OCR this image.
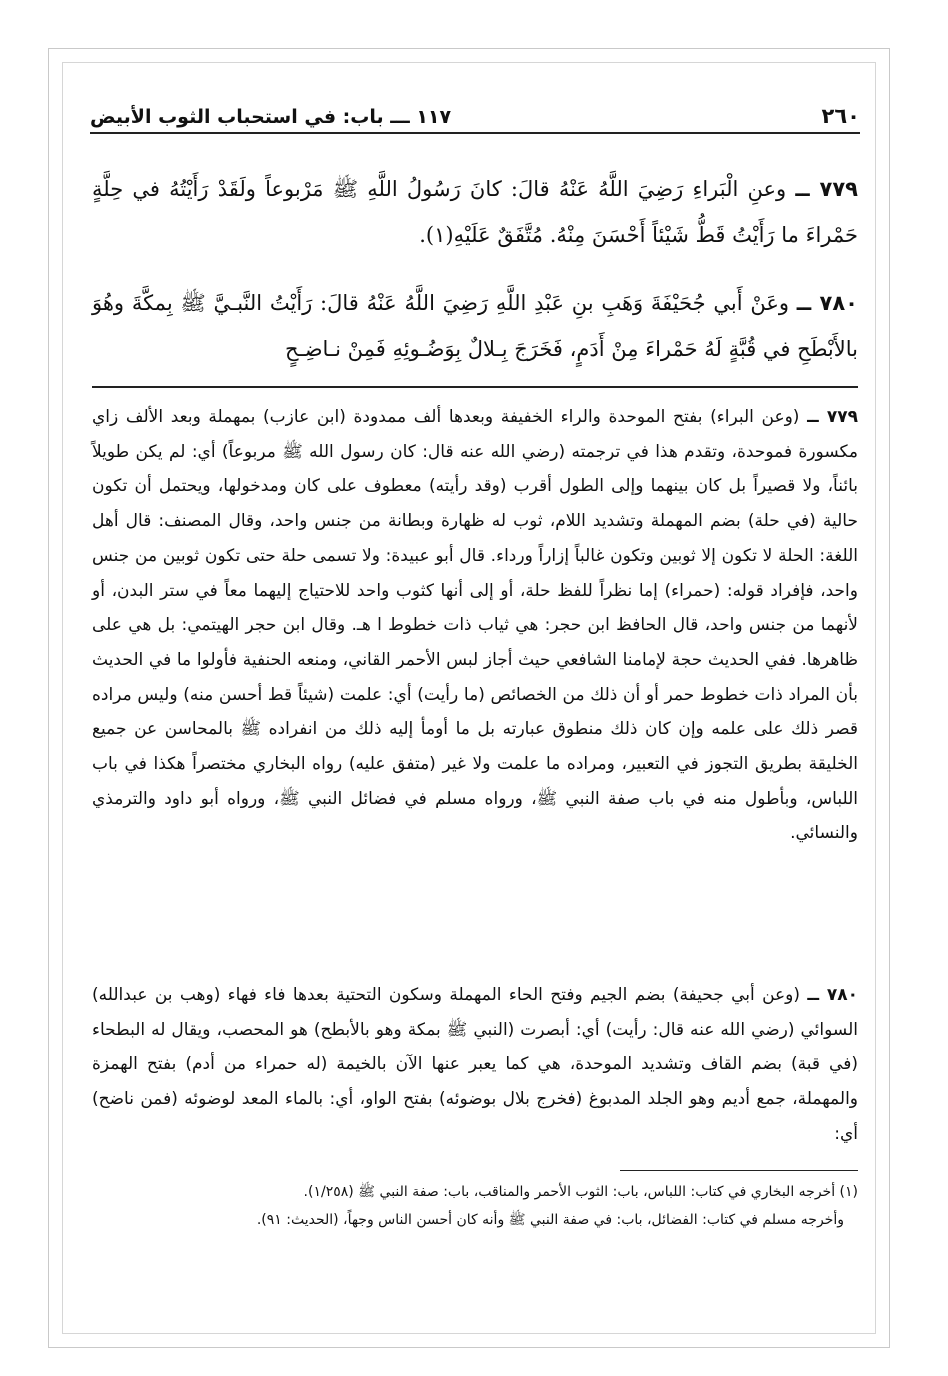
٢٦٠
١١٧ ـــ باب: في استحباب الثوب الأبيض
٧٧٩ ــ وعنِ الْبَراءِ رَضِيَ اللَّهُ عَنْهُ قالَ: كانَ رَسُولُ اللَّهِ ﷺ مَرْبوعاً ولَقَدْ رَأَيْتُهُ في حِلَّةٍ حَمْراءَ ما رَأَيْتُ قَطُّ شَيْئاً أَحْسَنَ مِنْهُ. مُتَّفَقٌ عَلَيْهِ(١).
٧٨٠ ــ وعَنْ أَبي جُحَيْفَةَ وَهَبِ بنِ عَبْدِ اللَّهِ رَضِيَ اللَّهُ عَنْهُ قالَ: رَأَيْتُ النَّبـيَّ ﷺ بِمكَّةَ وهُوَ بالأَبْطَحِ في قُبَّةٍ لَهُ حَمْراءَ مِنْ أَدَمٍ، فَخَرَجَ بِـلالٌ بِوَضُـوئِهِ فَمِنْ نـاضِـحٍ
٧٧٩ ــ (وعن البراء) بفتح الموحدة والراء الخفيفة وبعدها ألف ممدودة (ابن عازب) بمهملة وبعد الألف زاي مكسورة فموحدة، وتقدم هذا في ترجمته (رضي الله عنه قال: كان رسول الله ﷺ مربوعاً) أي: لم يكن طويلاً بائناً، ولا قصيراً بل كان بينهما وإلى الطول أقرب (وقد رأيته) معطوف على كان ومدخولها، ويحتمل أن تكون حالية (في حلة) بضم المهملة وتشديد اللام، ثوب له ظهارة وبطانة من جنس واحد، وقال المصنف: قال أهل اللغة: الحلة لا تكون إلا ثوبين وتكون غالباً إزاراً ورداء. قال أبو عبيدة: ولا تسمى حلة حتى تكون ثوبين من جنس واحد، فإفراد قوله: (حمراء) إما نظراً للفظ حلة، أو إلى أنها كثوب واحد للاحتياج إليهما معاً في ستر البدن، أو لأنهما من جنس واحد، قال الحافظ ابن حجر: هي ثياب ذات خطوط ا هـ. وقال ابن حجر الهيتمي: بل هي على ظاهرها. ففي الحديث حجة لإمامنا الشافعي حيث أجاز لبس الأحمر القاني، ومنعه الحنفية فأولوا ما في الحديث بأن المراد ذات خطوط حمر أو أن ذلك من الخصائص (ما رأيت) أي: علمت (شيئاً قط أحسن منه) وليس مراده قصر ذلك على علمه وإن كان ذلك منطوق عبارته بل ما أومأ إليه ذلك من انفراده ﷺ بالمحاسن عن جميع الخليقة بطريق التجوز في التعبير، ومراده ما علمت ولا غير (متفق عليه) رواه البخاري مختصراً هكذا في باب اللباس، وبأطول منه في باب صفة النبي ﷺ، ورواه مسلم في فضائل النبي ﷺ، ورواه أبو داود والترمذي والنسائي.
٧٨٠ ــ (وعن أبي جحيفة) بضم الجيم وفتح الحاء المهملة وسكون التحتية بعدها فاء فهاء (وهب بن عبدالله) السوائي (رضي الله عنه قال: رأيت) أي: أبصرت (النبي ﷺ بمكة وهو بالأبطح) هو المحصب، ويقال له البطحاء (في قبة) بضم القاف وتشديد الموحدة، هي كما يعبر عنها الآن بالخيمة (له حمراء من أدم) بفتح الهمزة والمهملة، جمع أديم وهو الجلد المدبوغ (فخرج بلال بوضوئه) بفتح الواو، أي: بالماء المعد لوضوئه (فمن ناضح) أي:
(١) أخرجه البخاري في كتاب: اللباس، باب: الثوب الأحمر والمناقب، باب: صفة النبي ﷺ (١/٢٥٨).
وأخرجه مسلم في كتاب: الفضائل، باب: في صفة النبي ﷺ وأنه كان أحسن الناس وجهاً، (الحديث: ٩١).
